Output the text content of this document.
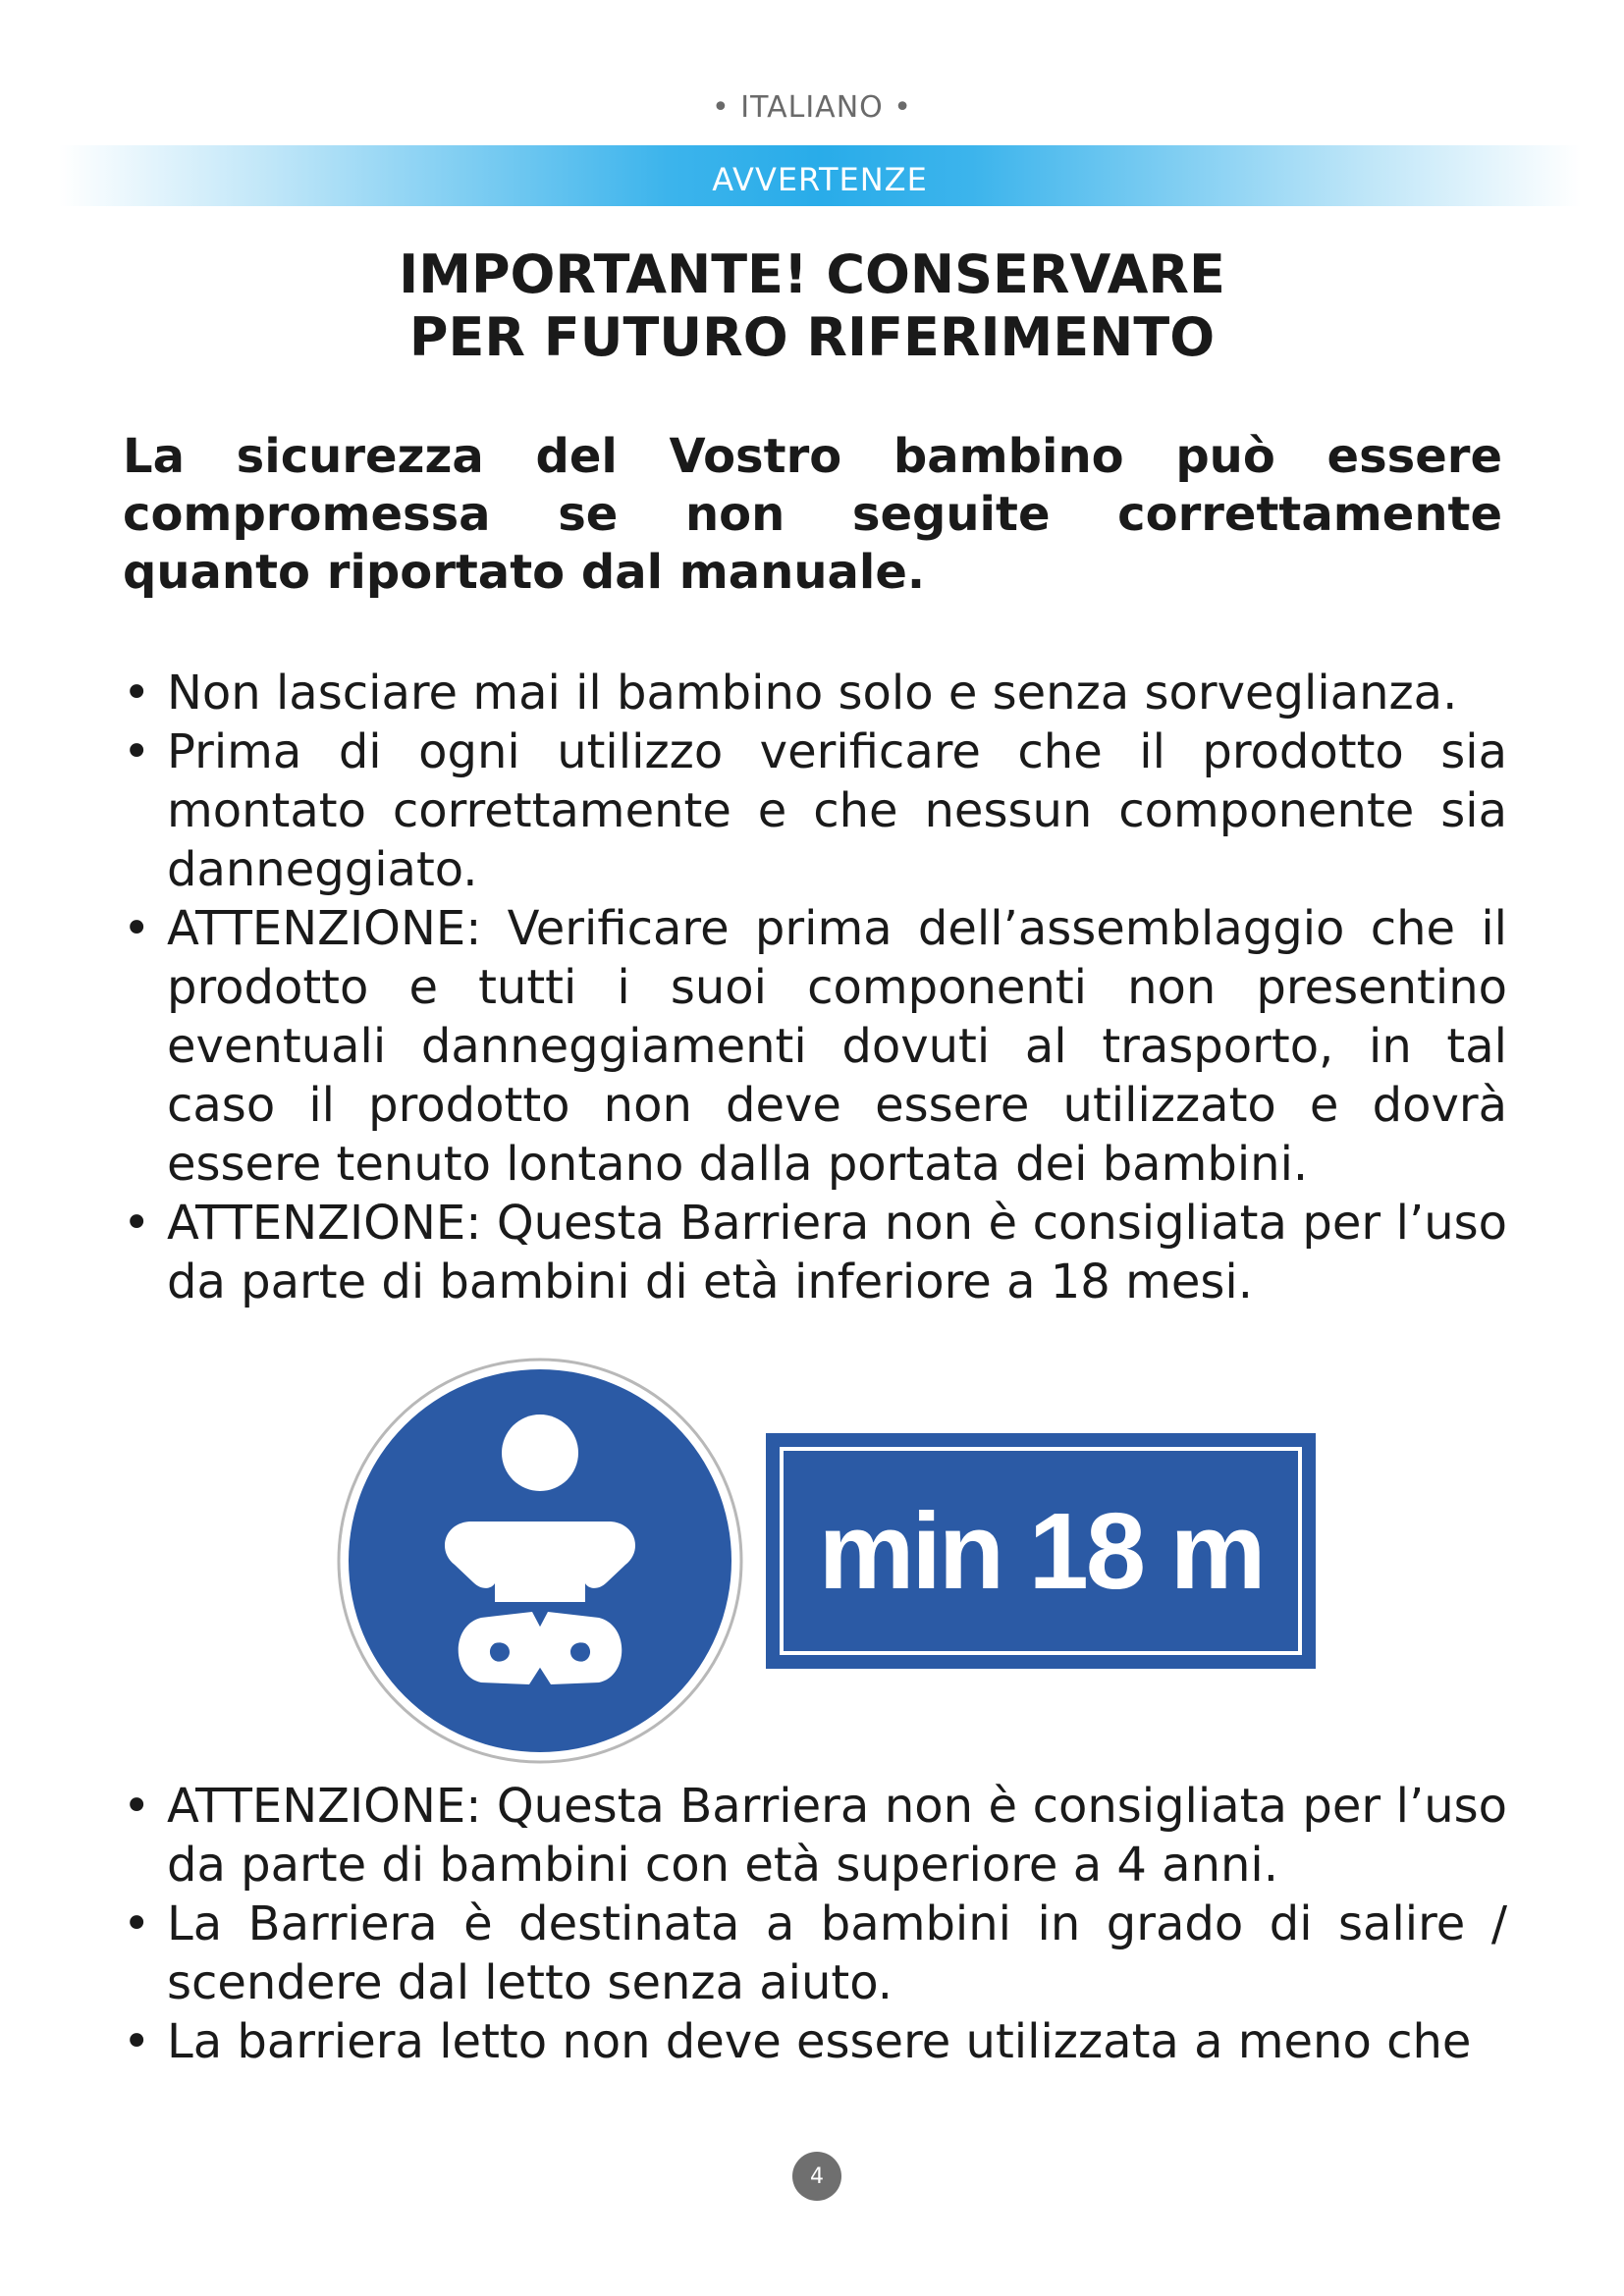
• ITALIANO •
AVVERTENZE
IMPORTANTE! CONSERVARE
PER FUTURO RIFERIMENTO
La sicurezza del Vostro bambino può essere compromessa se non seguite correttamente quanto riportato dal manuale.
• Non lasciare mai il bambino solo e senza sorveglianza.
• Prima di ogni utilizzo verificare che il prodotto sia montato correttamente e che nessun componente sia danneggiato.
• ATTENZIONE: Verificare prima dell’assemblaggio che il prodotto e tutti i suoi componenti non presentino eventuali danneggiamenti dovuti al trasporto, in tal caso il prodotto non deve essere utilizzato e dovrà essere tenuto lontano dalla portata dei bambini.
• ATTENZIONE: Questa Barriera non è consigliata per l’uso da parte di bambini di età inferiore a 18 mesi.
min 18 m
• ATTENZIONE: Questa Barriera non è consigliata per l’uso da parte di bambini con età superiore a 4 anni.
• La Barriera è destinata a bambini in grado di salire / scendere dal letto senza aiuto.
• La barriera letto non deve essere utilizzata a meno che
4
